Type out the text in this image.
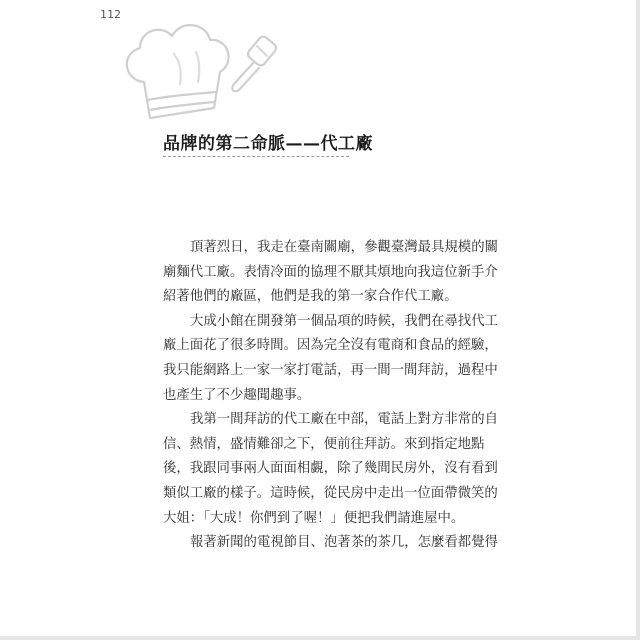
112
品牌的第二命脈——代工廠
頂著烈日，我走在臺南關廟，參觀臺灣最具規模的關
廟麵代工廠。表情冷面的協理不厭其煩地向我這位新手介
紹著他們的廠區，他們是我的第一家合作代工廠。
大成小館在開發第一個品項的時候，我們在尋找代工
廠上面花了很多時間。因為完全沒有電商和食品的經驗，
我只能網路上一家一家打電話，再一間一間拜訪，過程中
也產生了不少趣聞趣事。
我第一間拜訪的代工廠在中部，電話上對方非常的自
信、熱情，盛情難卻之下，便前往拜訪。來到指定地點
後，我跟同事兩人面面相覷，除了幾間民房外，沒有看到
類似工廠的樣子。這時候，從民房中走出一位面帶微笑的
大姐：「大成！你們到了喔！」便把我們請進屋中。
報著新聞的電視節目、泡著茶的茶几，怎麼看都覺得
